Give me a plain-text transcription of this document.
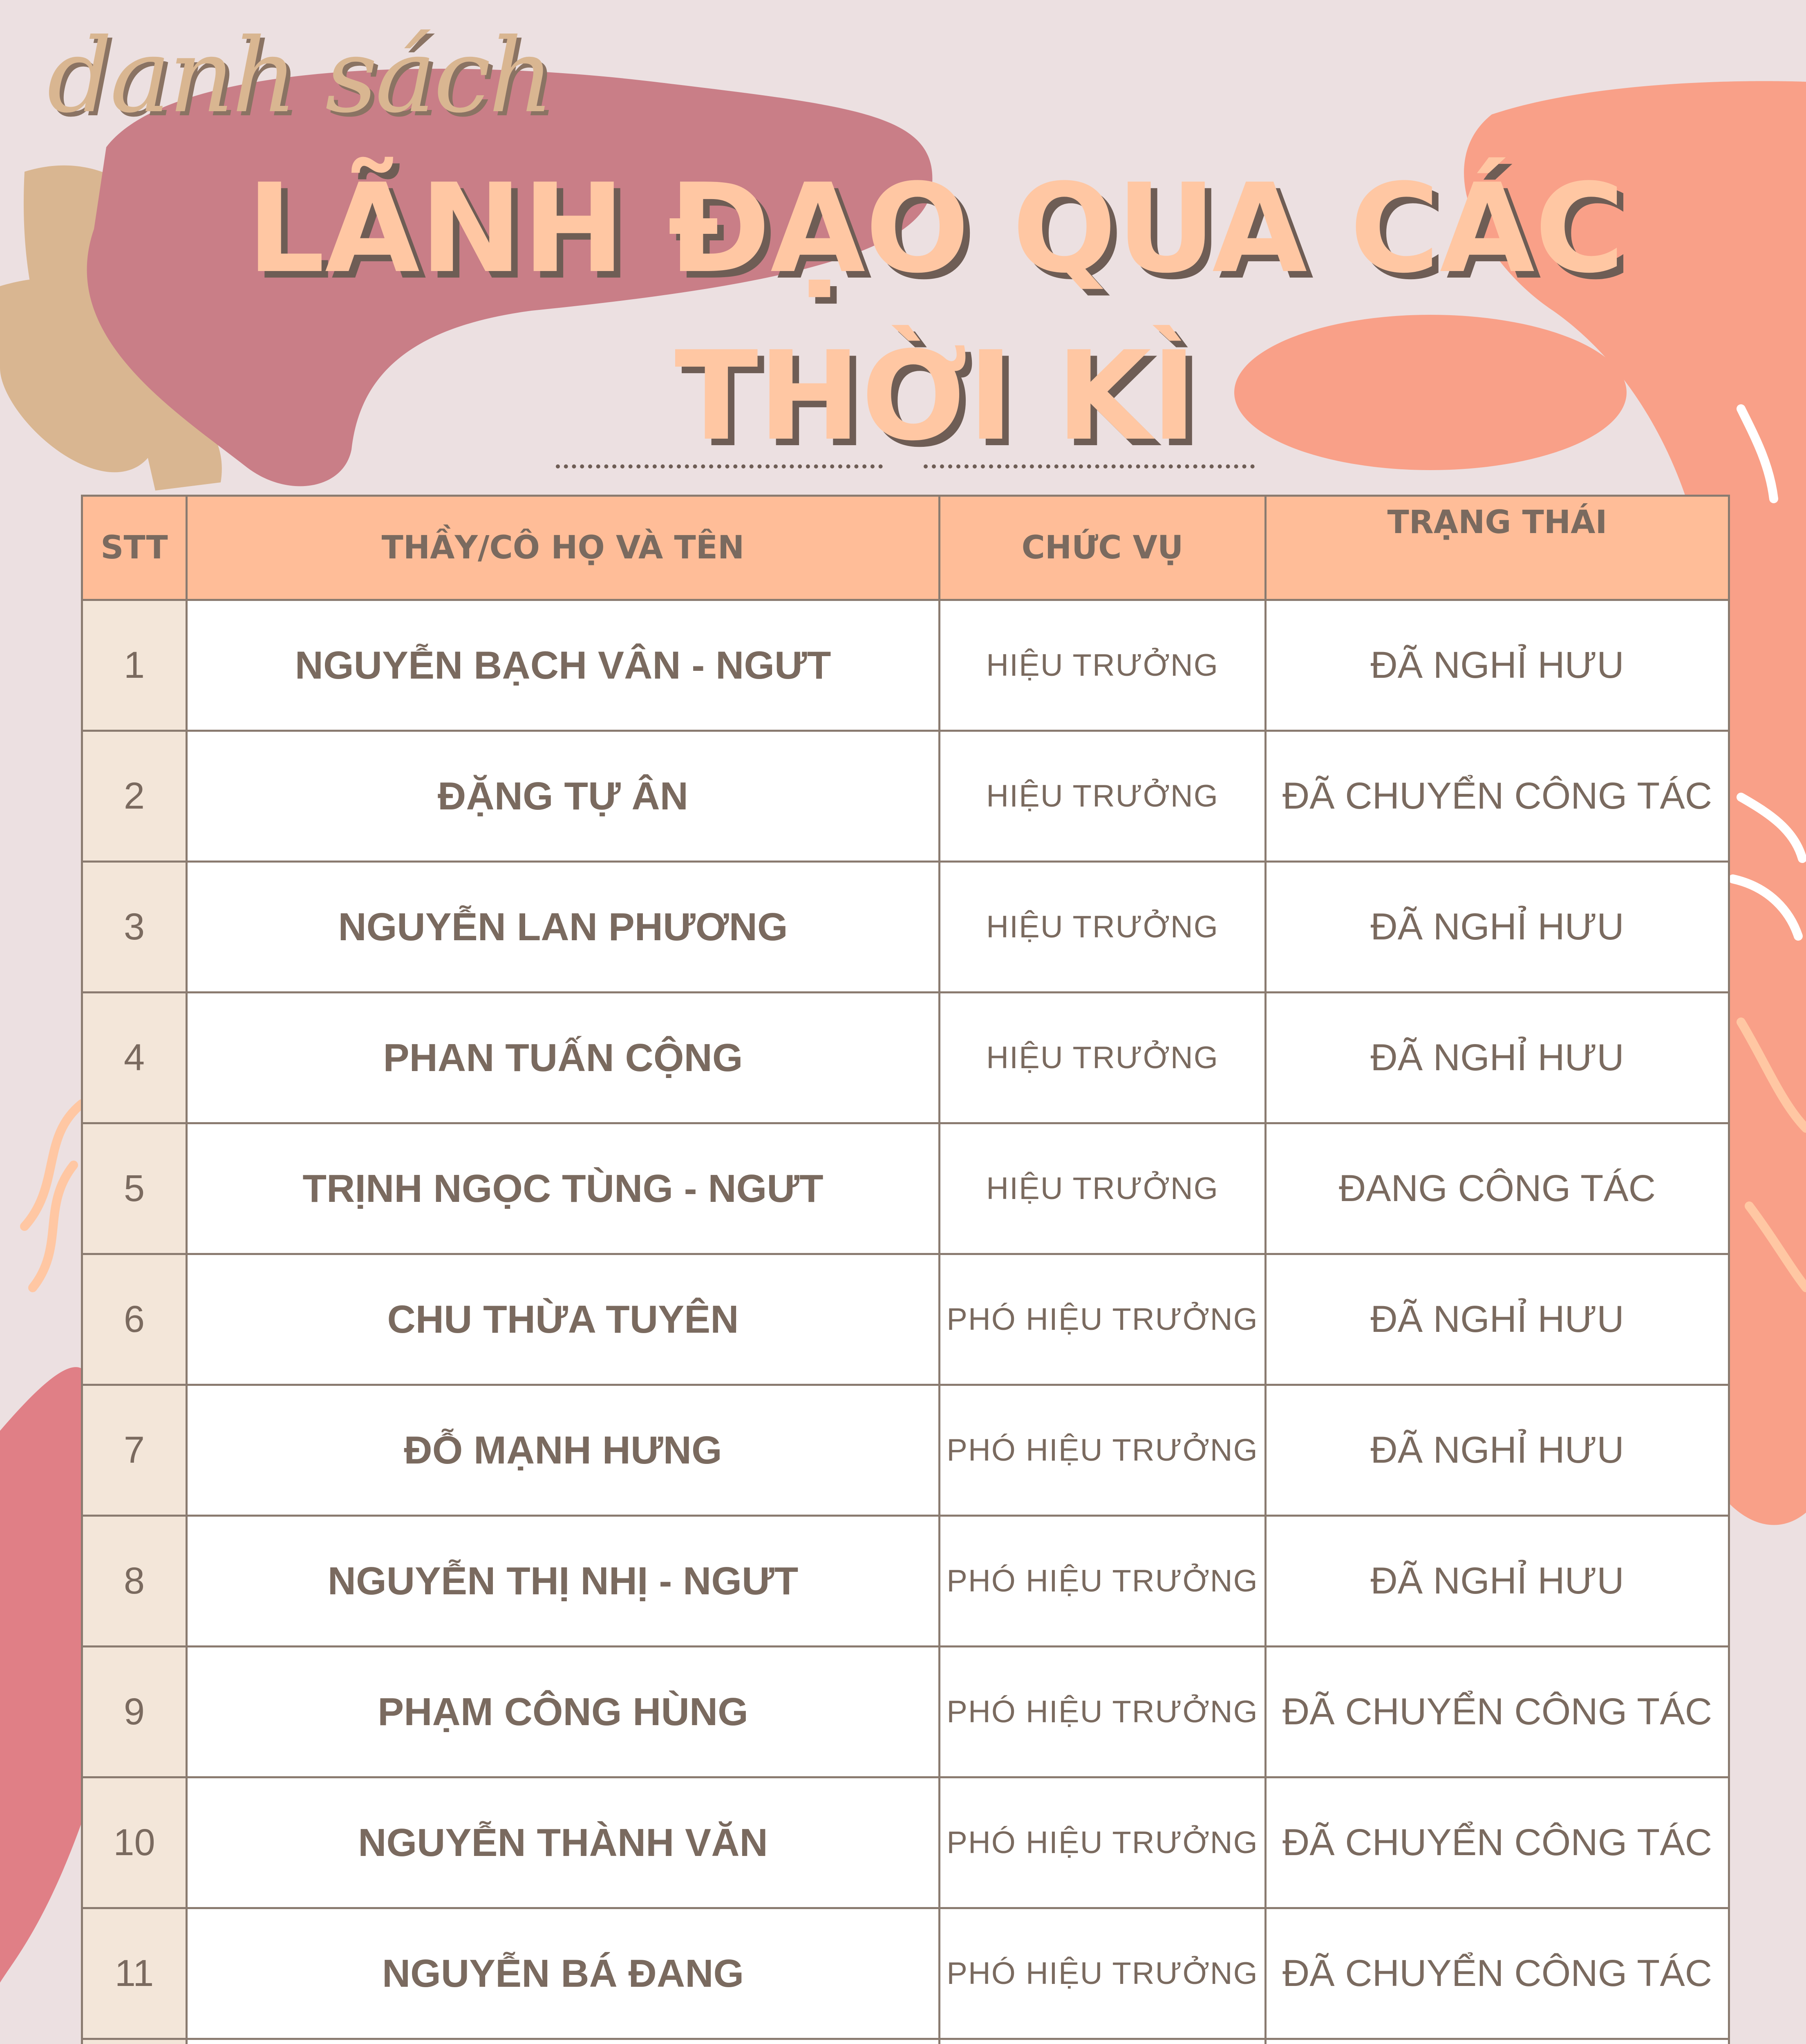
danh sách
LÃNH ĐẠO QUA CÁC
THỜI KÌ
STT	THẦY/CÔ HỌ VÀ TÊN	CHỨC VỤ	TRẠNG THÁI
1	NGUYỄN BẠCH VÂN - NGƯT	HIỆU TRƯỞNG	ĐÃ NGHỈ HƯU
2	ĐẶNG TỰ ÂN	HIỆU TRƯỞNG	ĐÃ CHUYỂN CÔNG TÁC
3	NGUYỄN LAN PHƯƠNG	HIỆU TRƯỞNG	ĐÃ NGHỈ HƯU
4	PHAN TUẤN CỘNG	HIỆU TRƯỞNG	ĐÃ NGHỈ HƯU
5	TRỊNH NGỌC TÙNG - NGƯT	HIỆU TRƯỞNG	ĐANG CÔNG TÁC
6	CHU THỪA TUYÊN	PHÓ HIỆU TRƯỞNG	ĐÃ NGHỈ HƯU
7	ĐỖ MẠNH HƯNG	PHÓ HIỆU TRƯỞNG	ĐÃ NGHỈ HƯU
8	NGUYỄN THỊ NHỊ - NGƯT	PHÓ HIỆU TRƯỞNG	ĐÃ NGHỈ HƯU
9	PHẠM CÔNG HÙNG	PHÓ HIỆU TRƯỞNG	ĐÃ CHUYỂN CÔNG TÁC
10	NGUYỄN THÀNH VĂN	PHÓ HIỆU TRƯỞNG	ĐÃ CHUYỂN CÔNG TÁC
11	NGUYỄN BÁ ĐANG	PHÓ HIỆU TRƯỞNG	ĐÃ CHUYỂN CÔNG TÁC
